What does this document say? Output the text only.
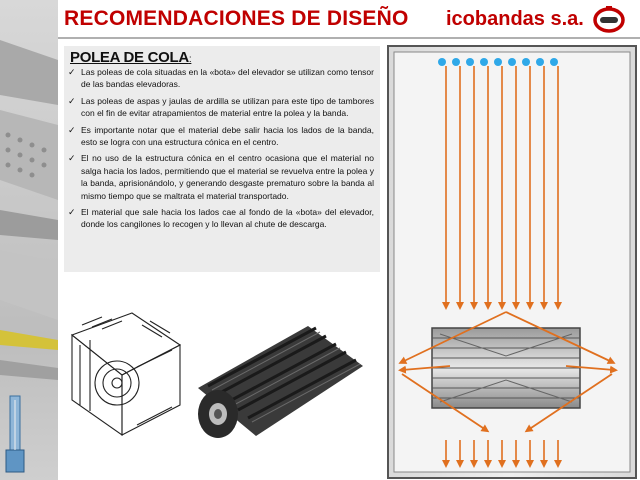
RECOMENDACIONES DE DISEÑO icobandas s.a.
POLEA DE COLA:
✓ Las poleas de cola situadas en la «bota» del elevador se utilizan como tensor de las bandas elevadoras.
✓ Las poleas de aspas y jaulas de ardilla se utilizan para este tipo de tambores con el fin de evitar atrapamientos de material entre la polea y la banda.
✓ Es importante notar que el material debe salir hacia los lados de la banda, esto se logra con una estructura cónica en el centro.
✓ El no uso de la estructura cónica en el centro ocasiona que el material no salga hacia los lados, permitiendo que el material se revuelva entre la polea y la banda, aprisionándolo, y generando desgaste prematuro sobre la banda al mismo tiempo que se maltrata el material transportado.
✓ El material que sale hacia los lados cae al fondo de la «bota» del elevador, donde los cangilones lo recogen y lo llevan al chute de descarga.
